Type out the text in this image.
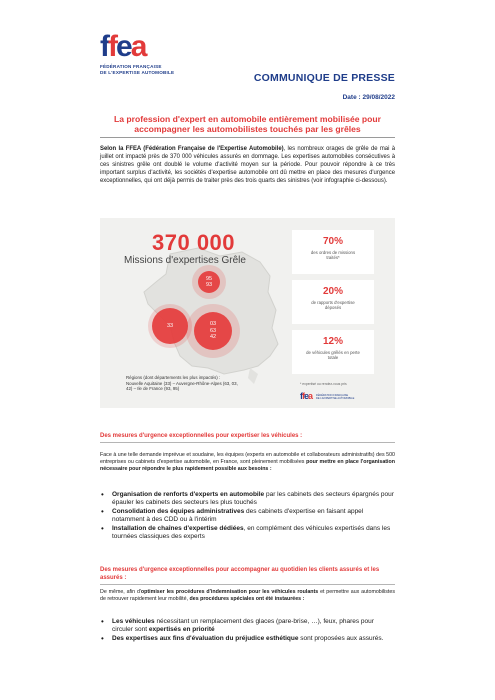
f f e a
FÉDÉRATION FRANÇAISE
DE L'EXPERTISE AUTOMOBILE	COMMUNIQUE DE PRESSE
Date : 29/08/2022
La profession d'expert en automobile entièrement mobilisée pour accompagner les automobilistes touchés par les grêles
Selon la FFEA (Fédération Française de l'Expertise Automobile), les nombreux orages de grêle de mai à juillet ont impacté près de 370 000 véhicules assurés en dommage. Les expertises automobiles consécutives à ces sinistres grêle ont doublé le volume d'activité moyen sur la période. Pour pouvoir répondre à ce très important surplus d'activité, les sociétés d'expertise automobile ont dû mettre en place des mesures d'urgence exceptionnelles, qui ont déjà permis de traiter près des trois quarts des sinistres (voir infographie ci-dessous).
370 000
Missions d'expertises Grêle
95
93
03
63
42
33
Régions (dont départements les plus impactés) :
Nouvelle Aquitaine (33) – Auvergne-Rhône-Alpes (63, 03, 42) – Ile de France (93, 95)
70%
des ordres de missions
traités*
20%
de rapports d'expertise
déposés
12%
de véhicules grêlés en perte
totale
* expertisé ou rendez-vous pris
ffea FÉDÉRATION FRANÇAISE
DE L'EXPERTISE AUTOMOBILE
Des mesures d'urgence exceptionnelles pour expertiser les véhicules :
Face à une telle demande imprévue et soudaine, les équipes (experts en automobile et collaborateurs administratifs) des 500 entreprises ou cabinets d'expertise automobile, en France, sont pleinement mobilisées pour mettre en place l'organisation nécessaire pour répondre le plus rapidement possible aux besoins :
• Organisation de renforts d'experts en automobile par les cabinets des secteurs épargnés pour épauler les cabinets des secteurs les plus touchés
• Consolidation des équipes administratives des cabinets d'expertise en faisant appel notamment à des CDD ou à l'intérim
• Installation de chaînes d'expertise dédiées, en complément des véhicules expertisés dans les tournées classiques des experts
Des mesures d'urgence exceptionnelles pour accompagner au quotidien les clients assurés et les assurés :
De même, afin d'optimiser les procédures d'indemnisation pour les véhicules roulants et permettre aux automobilistes de retrouver rapidement leur mobilité, des procédures spéciales ont été instaurées :
• Les véhicules nécessitant un remplacement des glaces (pare-brise, …), feux, phares pour circuler sont expertisés en priorité
• Des expertises aux fins d'évaluation du préjudice esthétique sont proposées aux assurés.
